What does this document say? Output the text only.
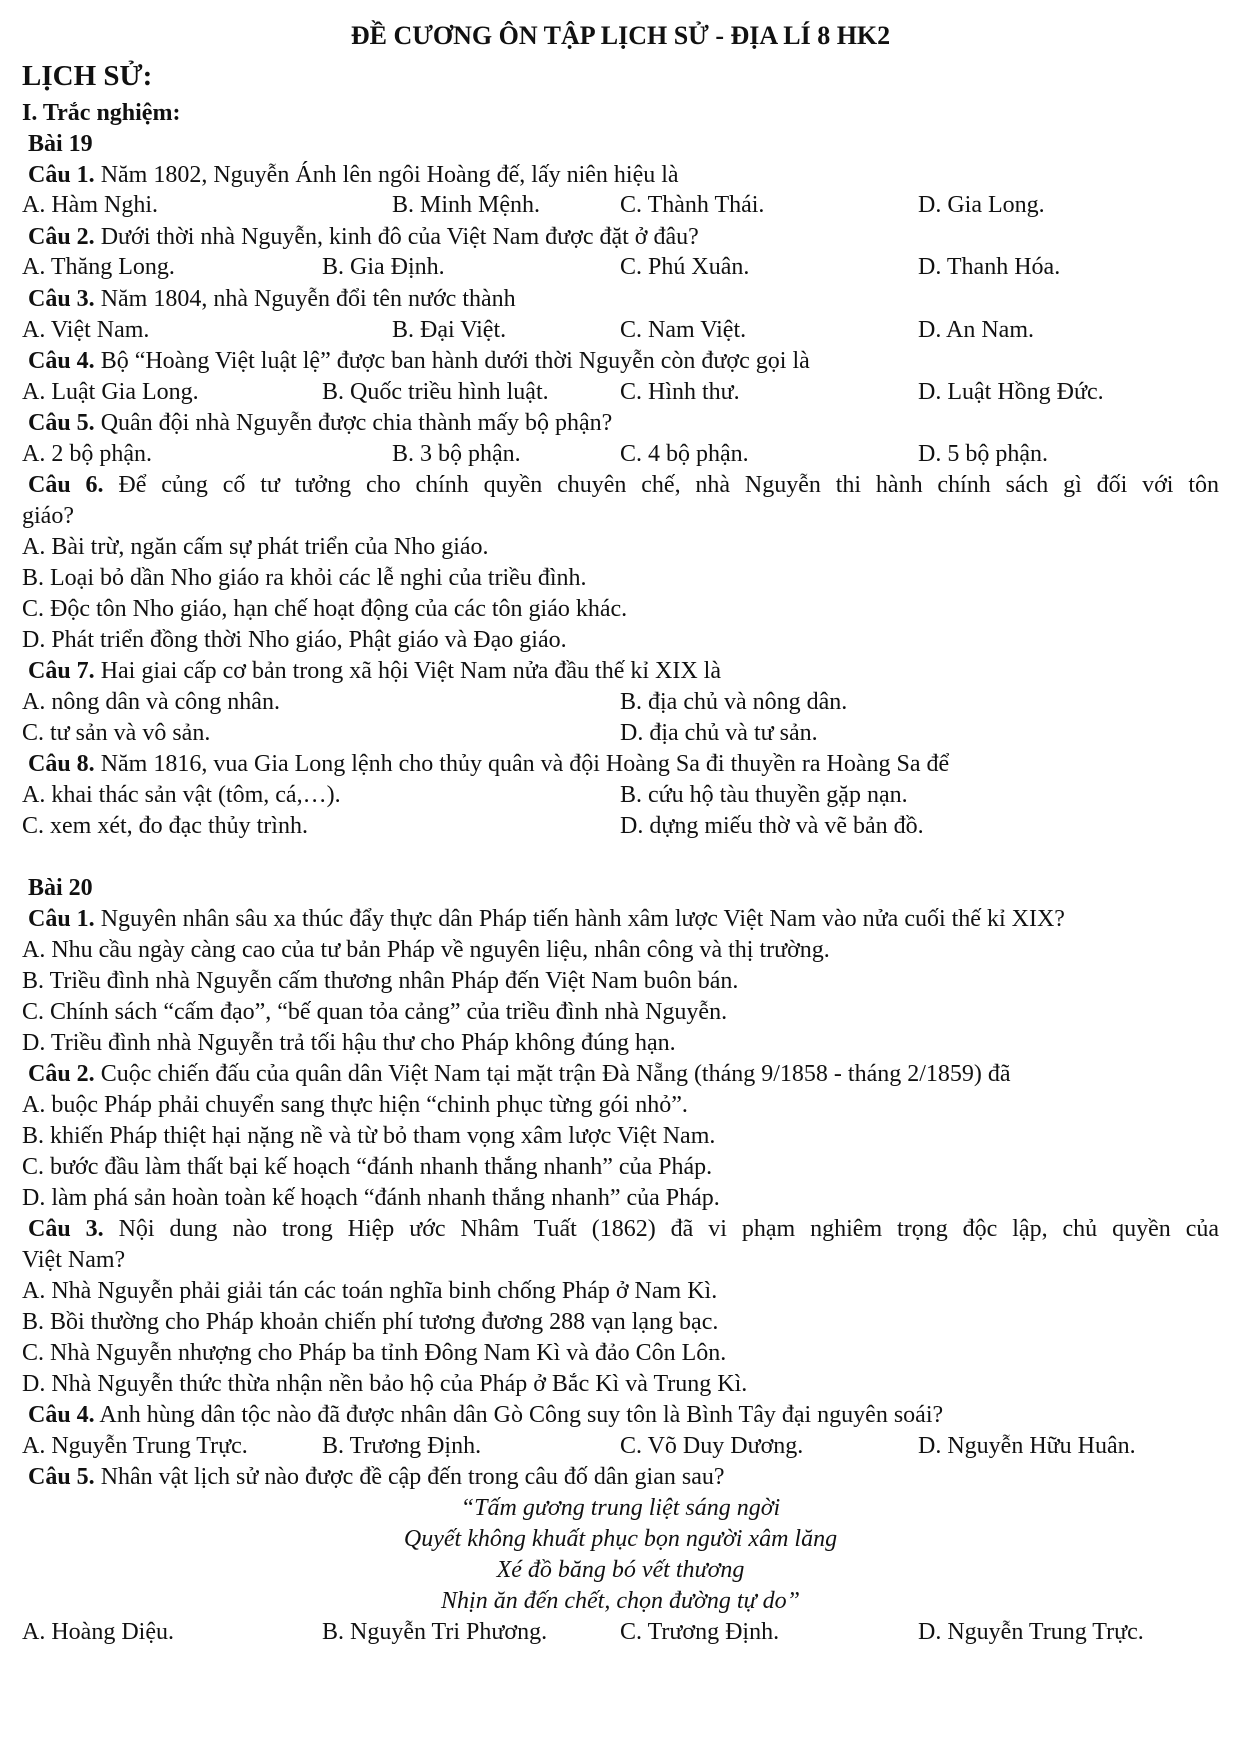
ĐỀ CƯƠNG ÔN TẬP LỊCH SỬ - ĐỊA LÍ 8 HK2
LỊCH SỬ:
I. Trắc nghiệm:
Bài 19
Câu 1. Năm 1802, Nguyễn Ánh lên ngôi Hoàng đế, lấy niên hiệu là
A. Hàm Nghi.	B. Minh Mệnh.	C. Thành Thái.	D. Gia Long.
Câu 2. Dưới thời nhà Nguyễn, kinh đô của Việt Nam được đặt ở đâu?
A. Thăng Long.	B. Gia Định.	C. Phú Xuân.	D. Thanh Hóa.
Câu 3. Năm 1804, nhà Nguyễn đổi tên nước thành
A. Việt Nam.	B. Đại Việt.	C. Nam Việt.	D. An Nam.
Câu 4. Bộ “Hoàng Việt luật lệ” được ban hành dưới thời Nguyễn còn được gọi là
A. Luật Gia Long.	B. Quốc triều hình luật.	C. Hình thư.	D. Luật Hồng Đức.
Câu 5. Quân đội nhà Nguyễn được chia thành mấy bộ phận?
A. 2 bộ phận.	B. 3 bộ phận.	C. 4 bộ phận.	D. 5 bộ phận.
Câu 6. Để củng cố tư tưởng cho chính quyền chuyên chế, nhà Nguyễn thi hành chính sách gì đối với tôn
giáo?
A. Bài trừ, ngăn cấm sự phát triển của Nho giáo.
B. Loại bỏ dần Nho giáo ra khỏi các lễ nghi của triều đình.
C. Độc tôn Nho giáo, hạn chế hoạt động của các tôn giáo khác.
D. Phát triển đồng thời Nho giáo, Phật giáo và Đạo giáo.
Câu 7. Hai giai cấp cơ bản trong xã hội Việt Nam nửa đầu thế kỉ XIX là
A. nông dân và công nhân.	B. địa chủ và nông dân.
C. tư sản và vô sản.	D. địa chủ và tư sản.
Câu 8. Năm 1816, vua Gia Long lệnh cho thủy quân và đội Hoàng Sa đi thuyền ra Hoàng Sa để
A. khai thác sản vật (tôm, cá,…).	B. cứu hộ tàu thuyền gặp nạn.
C. xem xét, đo đạc thủy trình.	D. dựng miếu thờ và vẽ bản đồ.
Bài 20
Câu 1. Nguyên nhân sâu xa thúc đẩy thực dân Pháp tiến hành xâm lược Việt Nam vào nửa cuối thế kỉ XIX?
A. Nhu cầu ngày càng cao của tư bản Pháp về nguyên liệu, nhân công và thị trường.
B. Triều đình nhà Nguyễn cấm thương nhân Pháp đến Việt Nam buôn bán.
C. Chính sách “cấm đạo”, “bế quan tỏa cảng” của triều đình nhà Nguyễn.
D. Triều đình nhà Nguyễn trả tối hậu thư cho Pháp không đúng hạn.
Câu 2. Cuộc chiến đấu của quân dân Việt Nam tại mặt trận Đà Nẵng (tháng 9/1858 - tháng 2/1859) đã
A. buộc Pháp phải chuyển sang thực hiện “chinh phục từng gói nhỏ”.
B. khiến Pháp thiệt hại nặng nề và từ bỏ tham vọng xâm lược Việt Nam.
C. bước đầu làm thất bại kế hoạch “đánh nhanh thắng nhanh” của Pháp.
D. làm phá sản hoàn toàn kế hoạch “đánh nhanh thắng nhanh” của Pháp.
Câu 3. Nội dung nào trong Hiệp ước Nhâm Tuất (1862) đã vi phạm nghiêm trọng độc lập, chủ quyền của
Việt Nam?
A. Nhà Nguyễn phải giải tán các toán nghĩa binh chống Pháp ở Nam Kì.
B. Bồi thường cho Pháp khoản chiến phí tương đương 288 vạn lạng bạc.
C. Nhà Nguyễn nhượng cho Pháp ba tỉnh Đông Nam Kì và đảo Côn Lôn.
D. Nhà Nguyễn thức thừa nhận nền bảo hộ của Pháp ở Bắc Kì và Trung Kì.
Câu 4. Anh hùng dân tộc nào đã được nhân dân Gò Công suy tôn là Bình Tây đại nguyên soái?
A. Nguyễn Trung Trực.	B. Trương Định.	C. Võ Duy Dương.	D. Nguyễn Hữu Huân.
Câu 5. Nhân vật lịch sử nào được đề cập đến trong câu đố dân gian sau?
“Tấm gương trung liệt sáng ngời
Quyết không khuất phục bọn người xâm lăng
Xé đồ băng bó vết thương
Nhịn ăn đến chết, chọn đường tự do”
A. Hoàng Diệu.	B. Nguyễn Tri Phương.	C. Trương Định.	D. Nguyễn Trung Trực.
